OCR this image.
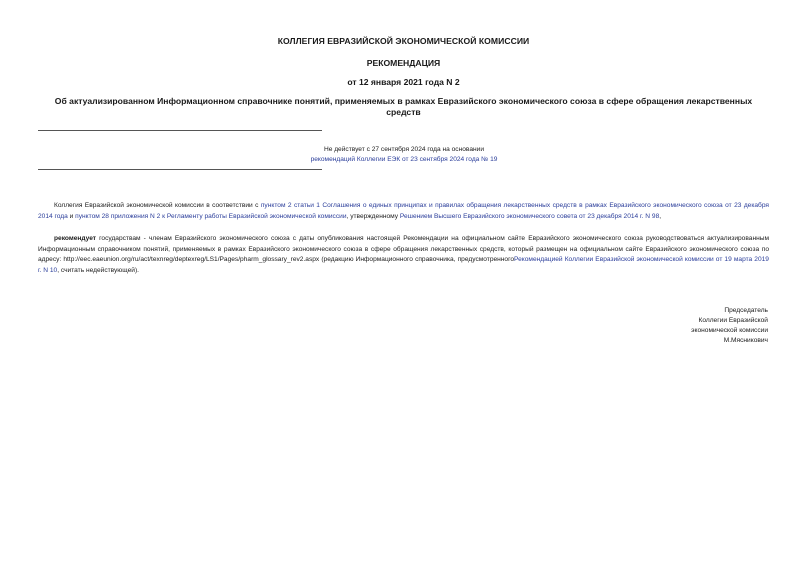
КОЛЛЕГИЯ ЕВРАЗИЙСКОЙ ЭКОНОМИЧЕСКОЙ КОМИССИИ
РЕКОМЕНДАЦИЯ
от 12 января 2021 года N 2
Об актуализированном Информационном справочнике понятий, применяемых в рамках Евразийского экономического союза в сфере обращения лекарственных средств
Не действует с 27 сентября 2024 года на основании
рекомендаций Коллегии ЕЭК от 23 сентября 2024 года № 19
Коллегия Евразийской экономической комиссии в соответствии с пунктом 2 статьи 1 Соглашения о единых принципах и правилах обращения лекарственных средств в рамках Евразийского экономического союза от 23 декабря 2014 года и пунктом 28 приложения N 2 к Регламенту работы Евразийской экономической комиссии, утвержденному Решением Высшего Евразийского экономического совета от 23 декабря 2014 г. N 98,
рекомендует государствам - членам Евразийского экономического союза с даты опубликования настоящей Рекомендации на официальном сайте Евразийского экономического союза руководствоваться актуализированным Информационным справочником понятий, применяемых в рамках Евразийского экономического союза в сфере обращения лекарственных средств, который размещен на официальном сайте Евразийского экономического союза по адресу: http://eec.eaeunion.org/ru/act/texnreg/deptexreg/LS1/Pages/pharm_glossary_rev2.aspx (редакцию Информационного справочника, предусмотренногоРекомендацией Коллегии Евразийской экономической комиссии от 19 марта 2019 г. N 10, считать недействующей).
Председатель
Коллегии Евразийской
экономической комиссии
М.Мясникович
